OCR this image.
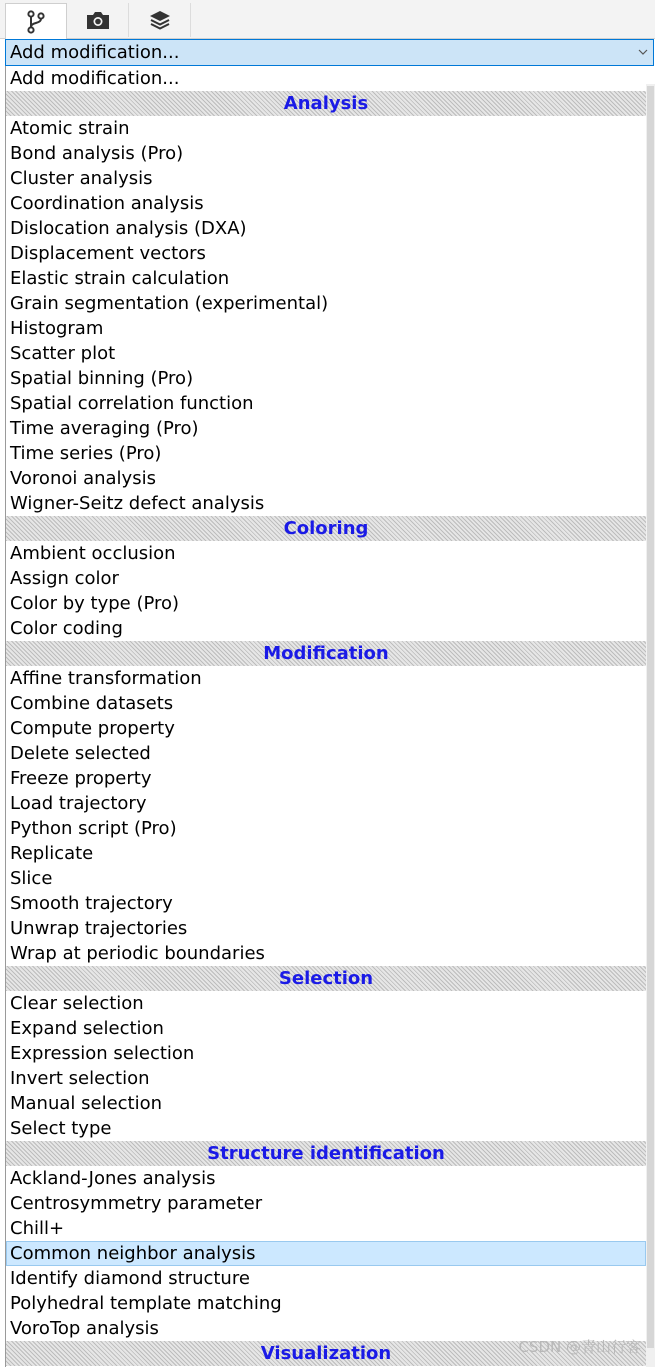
Add modification...
Add modification...
Analysis
Atomic strain
Bond analysis (Pro)
Cluster analysis
Coordination analysis
Dislocation analysis (DXA)
Displacement vectors
Elastic strain calculation
Grain segmentation (experimental)
Histogram
Scatter plot
Spatial binning (Pro)
Spatial correlation function
Time averaging (Pro)
Time series (Pro)
Voronoi analysis
Wigner-Seitz defect analysis
Coloring
Ambient occlusion
Assign color
Color by type (Pro)
Color coding
Modification
Affine transformation
Combine datasets
Compute property
Delete selected
Freeze property
Load trajectory
Python script (Pro)
Replicate
Slice
Smooth trajectory
Unwrap trajectories
Wrap at periodic boundaries
Selection
Clear selection
Expand selection
Expression selection
Invert selection
Manual selection
Select type
Structure identification
Ackland-Jones analysis
Centrosymmetry parameter
Chill+
Common neighbor analysis
Identify diamond structure
Polyhedral template matching
VoroTop analysis
Visualization	CSDN @青山行客
